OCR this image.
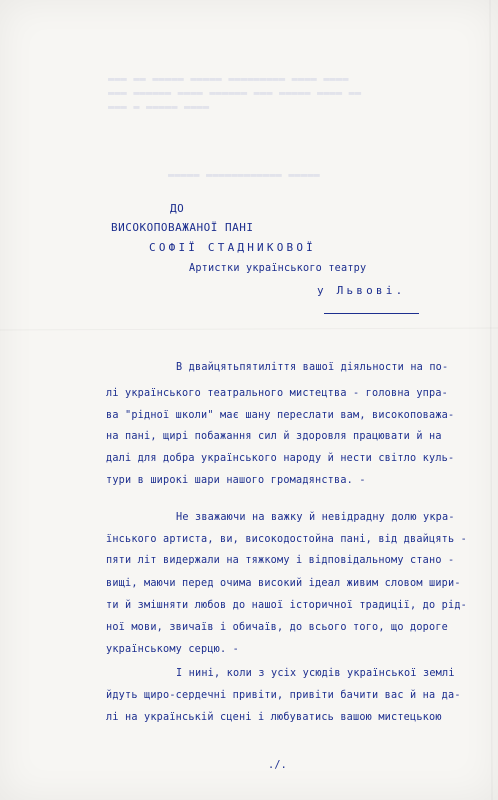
▬▬▬ ▬▬ ▬▬▬▬▬ ▬▬▬▬▬ ▬▬▬▬▬▬▬▬▬ ▬▬▬▬ ▬▬▬▬
▬▬▬ ▬▬▬▬▬▬ ▬▬▬▬ ▬▬▬▬▬▬ ▬▬▬ ▬▬▬▬▬ ▬▬▬▬ ▬▬
▬▬▬ ▬ ▬▬▬▬▬ ▬▬▬▬
▬▬▬▬▬ ▬▬▬▬▬▬▬▬▬▬▬▬ ▬▬▬▬▬
ДО
ВИСОКОПОВАЖАНОЇ ПАНІ
СОФІЇ СТАДНИКОВОЇ
Артистки українського театру
у Львові.
В двайцятьпятиліття вашої діяльности на по-
лі українського театрального мистецтва - головна упра-
ва "рідної школи" має шану переслати вам, високоповажа-
на пані, щирі побажання сил й здоровля працювати й на
далі для добра українського народу й нести світло куль-
тури в широкі шари нашого громадянства. -
Не зважаючи на важку й невідрадну долю укра-
їнського артиста, ви, високодостойна пані, від двайцять -
пяти літ видержали на тяжкому і відповідальному стано -
вищі, маючи перед очима високий ідеал живим словом шири-
ти й змішняти любов до нашої історичної традиції, до рід-
ної мови, звичаїв і обичаїв, до всього того, що дороге
українському серцю. -
І нині, коли з усіх усюдів української землі
йдуть щиро-сердечні привіти, привіти бачити вас й на да-
лі на українській сцені і любуватись вашою мистецькою
./.
